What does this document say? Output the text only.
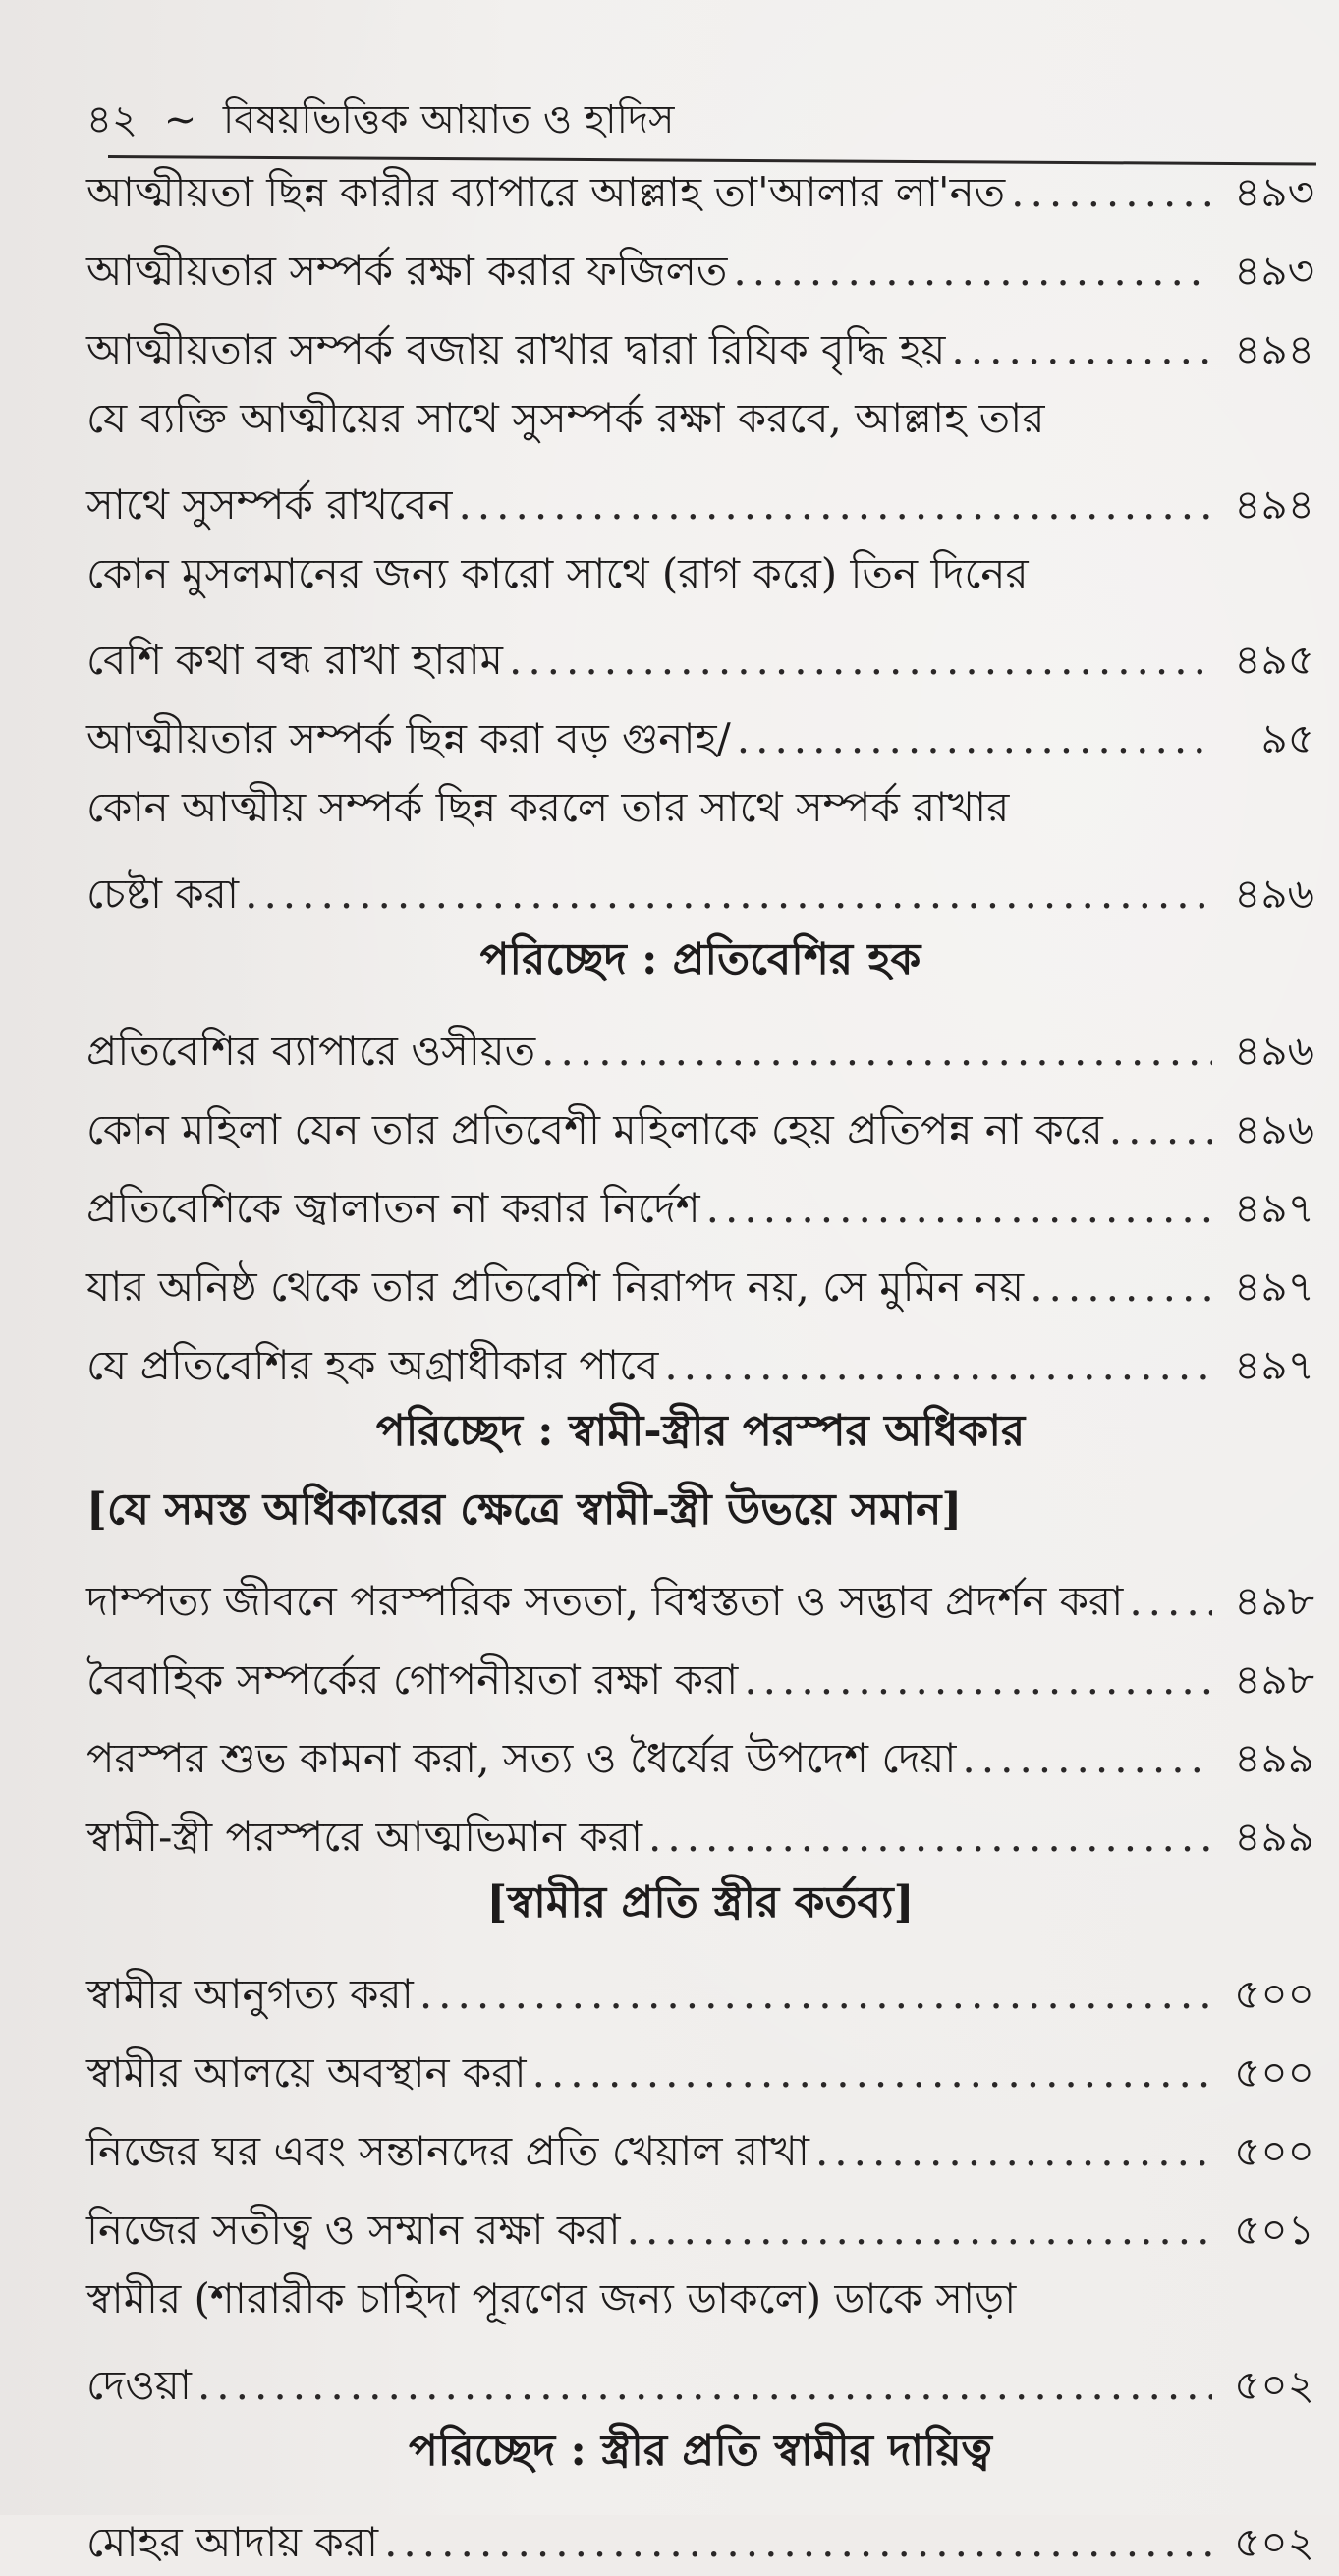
৪২ ~ বিষয়ভিত্তিক আয়াত ও হাদিস
আত্মীয়তা ছিন্ন কারীর ব্যাপারে আল্লাহ তা'আলার লা'নত .....	৪৯৩
আত্মীয়তার সম্পর্ক রক্ষা করার ফজিলত .....	৪৯৩
আত্মীয়তার সম্পর্ক বজায় রাখার দ্বারা রিযিক বৃদ্ধি হয় .....	৪৯৪
যে ব্যক্তি আত্মীয়ের সাথে সুসম্পর্ক রক্ষা করবে, আল্লাহ তার
সাথে সুসম্পর্ক রাখবেন .....	৪৯৪
কোন মুসলমানের জন্য কারো সাথে (রাগ করে) তিন দিনের
বেশি কথা বন্ধ রাখা হারাম .....	৪৯৫
আত্মীয়তার সম্পর্ক ছিন্ন করা বড় গুনাহ/ .....	৯৫
কোন আত্মীয় সম্পর্ক ছিন্ন করলে তার সাথে সম্পর্ক রাখার
চেষ্টা করা .....	৪৯৬
পরিচ্ছেদ : প্রতিবেশির হক
প্রতিবেশির ব্যাপারে ওসীয়ত .....	৪৯৬
কোন মহিলা যেন তার প্রতিবেশী মহিলাকে হেয় প্রতিপন্ন না করে .....	৪৯৬
প্রতিবেশিকে জ্বালাতন না করার নির্দেশ .....	৪৯৭
যার অনিষ্ঠ থেকে তার প্রতিবেশি নিরাপদ নয়, সে মুমিন নয় .....	৪৯৭
যে প্রতিবেশির হক অগ্রাধীকার পাবে .....	৪৯৭
পরিচ্ছেদ : স্বামী-স্ত্রীর পরস্পর অধিকার
[যে সমস্ত অধিকারের ক্ষেত্রে স্বামী-স্ত্রী উভয়ে সমান]
দাম্পত্য জীবনে পরস্পরিক সততা, বিশ্বস্ততা ও সদ্ভাব প্রদর্শন করা .....	৪৯৮
বৈবাহিক সম্পর্কের গোপনীয়তা রক্ষা করা .....	৪৯৮
পরস্পর শুভ কামনা করা, সত্য ও ধৈর্যের উপদেশ দেয়া .....	৪৯৯
স্বামী-স্ত্রী পরস্পরে আত্মভিমান করা .....	৪৯৯
[স্বামীর প্রতি স্ত্রীর কর্তব্য]
স্বামীর আনুগত্য করা .....	৫০০
স্বামীর আলয়ে অবস্থান করা .....	৫০০
নিজের ঘর এবং সন্তানদের প্রতি খেয়াল রাখা .....	৫০০
নিজের সতীত্ব ও সম্মান রক্ষা করা .....	৫০১
স্বামীর (শারারীক চাহিদা পূরণের জন্য ডাকলে) ডাকে সাড়া
দেওয়া .....	৫০২
পরিচ্ছেদ : স্ত্রীর প্রতি স্বামীর দায়িত্ব
মোহর আদায় করা .....	৫০২
